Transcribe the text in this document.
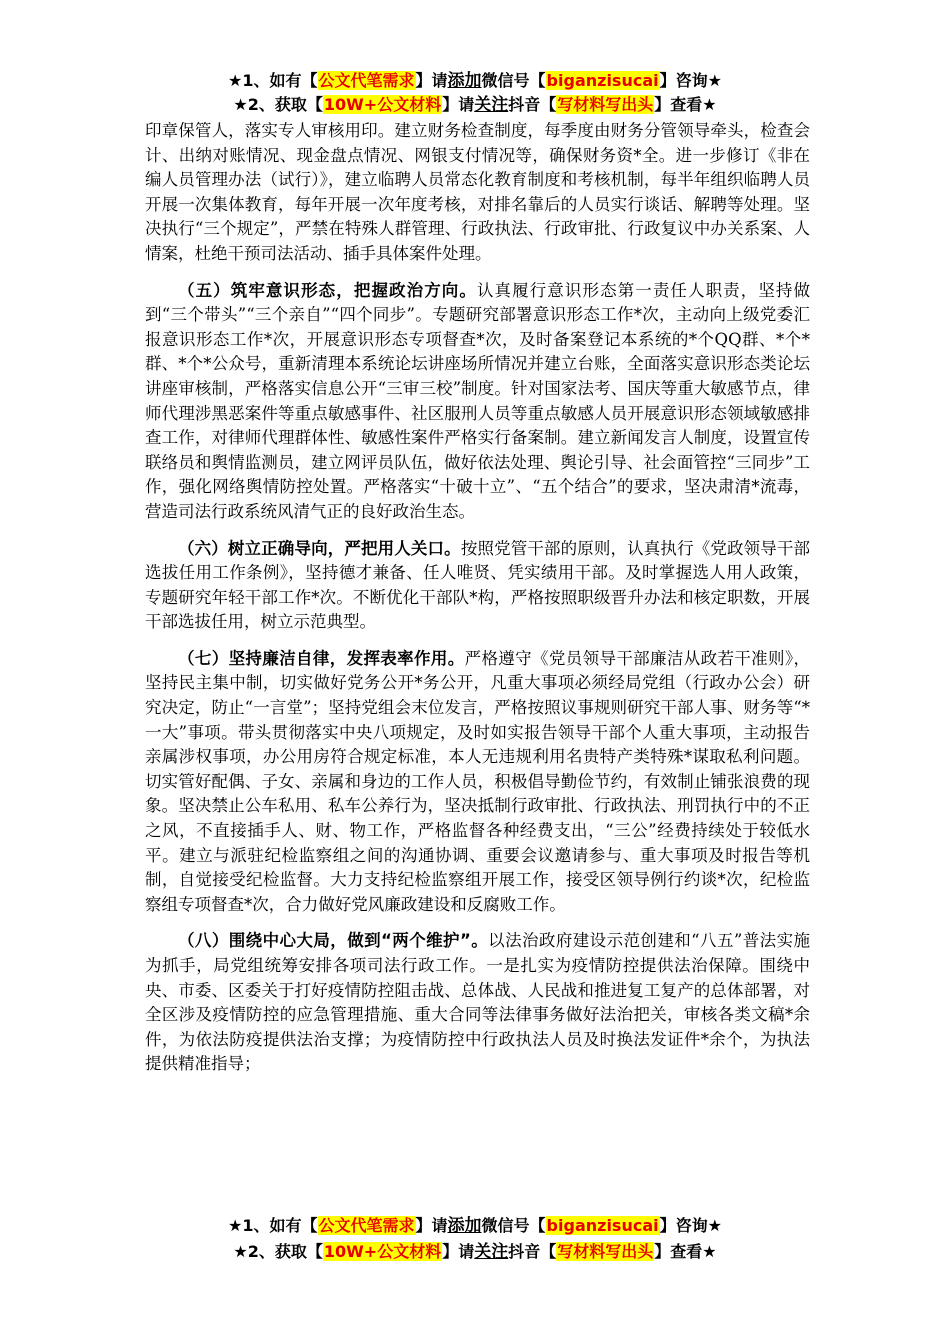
★1、如有【公文代笔需求】请添加微信号【biganzisucai】咨询★
★2、获取【10W+公文材料】请关注抖音【写材料写出头】查看★

印章保管人，落实专人审核用印。建立财务检查制度，每季度由财务分管领导牵头，检查会计、出纳对账情况、现金盘点情况、网银支付情况等，确保财务资*全。进一步修订《非在编人员管理办法（试行）》，建立临聘人员常态化教育制度和考核机制，每半年组织临聘人员开展一次集体教育，每年开展一次年度考核，对排名靠后的人员实行谈话、解聘等处理。坚决执行“三个规定”，严禁在特殊人群管理、行政执法、行政审批、行政复议中办关系案、人情案，杜绝干预司法活动、插手具体案件处理。

（五）筑牢意识形态，把握政治方向。认真履行意识形态第一责任人职责，坚持做到“三个带头”“三个亲自”“四个同步”。专题研究部署意识形态工作*次，主动向上级党委汇报意识形态工作*次，开展意识形态专项督查*次，及时备案登记本系统的*个QQ群、*个*群、*个*公众号，重新清理本系统论坛讲座场所情况并建立台账，全面落实意识形态类论坛讲座审核制，严格落实信息公开“三审三校”制度。针对国家法考、国庆等重大敏感节点，律师代理涉黑恶案件等重点敏感事件、社区服刑人员等重点敏感人员开展意识形态领域敏感排查工作，对律师代理群体性、敏感性案件严格实行备案制。建立新闻发言人制度，设置宣传联络员和舆情监测员，建立网评员队伍，做好依法处理、舆论引导、社会面管控“三同步”工作，强化网络舆情防控处置。严格落实“十破十立”、“五个结合”的要求，坚决肃清*流毒，营造司法行政系统风清气正的良好政治生态。

（六）树立正确导向，严把用人关口。按照党管干部的原则，认真执行《党政领导干部选拔任用工作条例》，坚持德才兼备、任人唯贤、凭实绩用干部。及时掌握选人用人政策，专题研究年轻干部工作*次。不断优化干部队*构，严格按照职级晋升办法和核定职数，开展干部选拔任用，树立示范典型。

（七）坚持廉洁自律，发挥表率作用。严格遵守《党员领导干部廉洁从政若干准则》，坚持民主集中制，切实做好党务公开*务公开，凡重大事项必须经局党组（行政办公会）研究决定，防止“一言堂”；坚持党组会末位发言，严格按照议事规则研究干部人事、财务等“*一大”事项。带头贯彻落实中央八项规定，及时如实报告领导干部个人重大事项，主动报告亲属涉权事项，办公用房符合规定标准，本人无违规利用名贵特产类特殊*谋取私利问题。切实管好配偶、子女、亲属和身边的工作人员，积极倡导勤俭节约，有效制止铺张浪费的现象。坚决禁止公车私用、私车公养行为，坚决抵制行政审批、行政执法、刑罚执行中的不正之风，不直接插手人、财、物工作，严格监督各种经费支出，“三公”经费持续处于较低水平。建立与派驻纪检监察组之间的沟通协调、重要会议邀请参与、重大事项及时报告等机制，自觉接受纪检监督。大力支持纪检监察组开展工作，接受区领导例行约谈*次，纪检监察组专项督查*次，合力做好党风廉政建设和反腐败工作。

（八）围绕中心大局，做到“两个维护”。以法治政府建设示范创建和“八五”普法实施为抓手，局党组统筹安排各项司法行政工作。一是扎实为疫情防控提供法治保障。围绕中央、市委、区委关于打好疫情防控阻击战、总体战、人民战和推进复工复产的总体部署，对全区涉及疫情防控的应急管理措施、重大合同等法律事务做好法治把关，审核各类文稿*余件，为依法防疫提供法治支撑；为疫情防控中行政执法人员及时换法发证件*余个，为执法提供精准指导；

★1、如有【公文代笔需求】请添加微信号【biganzisucai】咨询★
★2、获取【10W+公文材料】请关注抖音【写材料写出头】查看★
